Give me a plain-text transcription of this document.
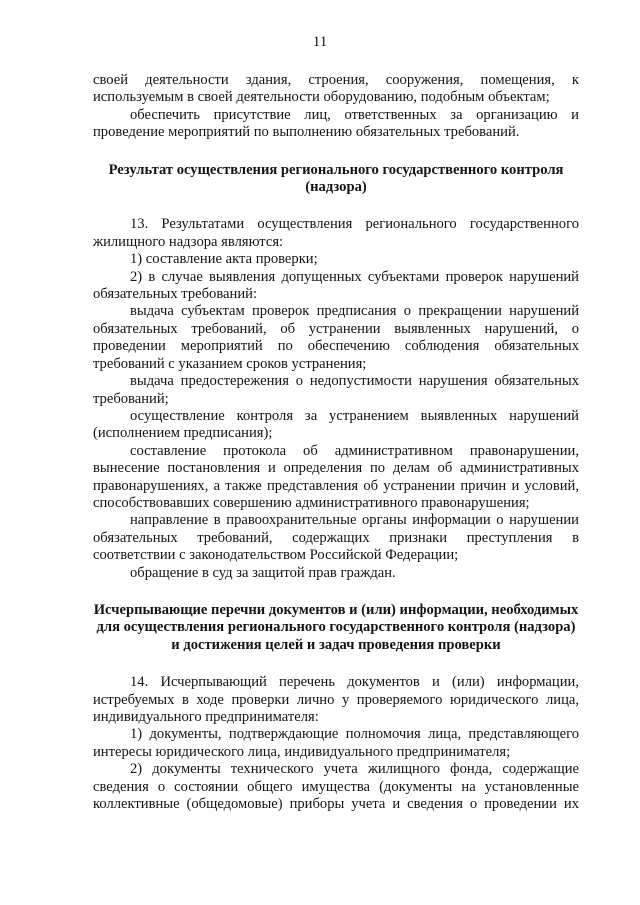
11

своей деятельности здания, строения, сооружения, помещения, к используемым в своей деятельности оборудованию, подобным объектам;

обеспечить присутствие лиц, ответственных за организацию и проведение мероприятий по выполнению обязательных требований.

Результат осуществления регионального государственного контроля (надзора)

13. Результатами осуществления регионального государственного жилищного надзора являются:

1) составление акта проверки;

2) в случае выявления допущенных субъектами проверок нарушений обязательных требований:

выдача субъектам проверок предписания о прекращении нарушений обязательных требований, об устранении выявленных нарушений, о проведении мероприятий по обеспечению соблюдения обязательных требований с указанием сроков устранения;

выдача предостережения о недопустимости нарушения обязательных требований;

осуществление контроля за устранением выявленных нарушений (исполнением предписания);

составление протокола об административном правонарушении, вынесение постановления и определения по делам об административных правонарушениях, а также представления об устранении причин и условий, способствовавших совершению административного правонарушения;

направление в правоохранительные органы информации о нарушении обязательных требований, содержащих признаки преступления в соответствии с законодательством Российской Федерации;

обращение в суд за защитой прав граждан.

Исчерпывающие перечни документов и (или) информации, необходимых для осуществления регионального государственного контроля (надзора) и достижения целей и задач проведения проверки

14. Исчерпывающий перечень документов и (или) информации, истребуемых в ходе проверки лично у проверяемого юридического лица, индивидуального предпринимателя:

1) документы, подтверждающие полномочия лица, представляющего интересы юридического лица, индивидуального предпринимателя;

2) документы технического учета жилищного фонда, содержащие сведения о состоянии общего имущества (документы на установленные коллективные (общедомовые) приборы учета и сведения о проведении их
